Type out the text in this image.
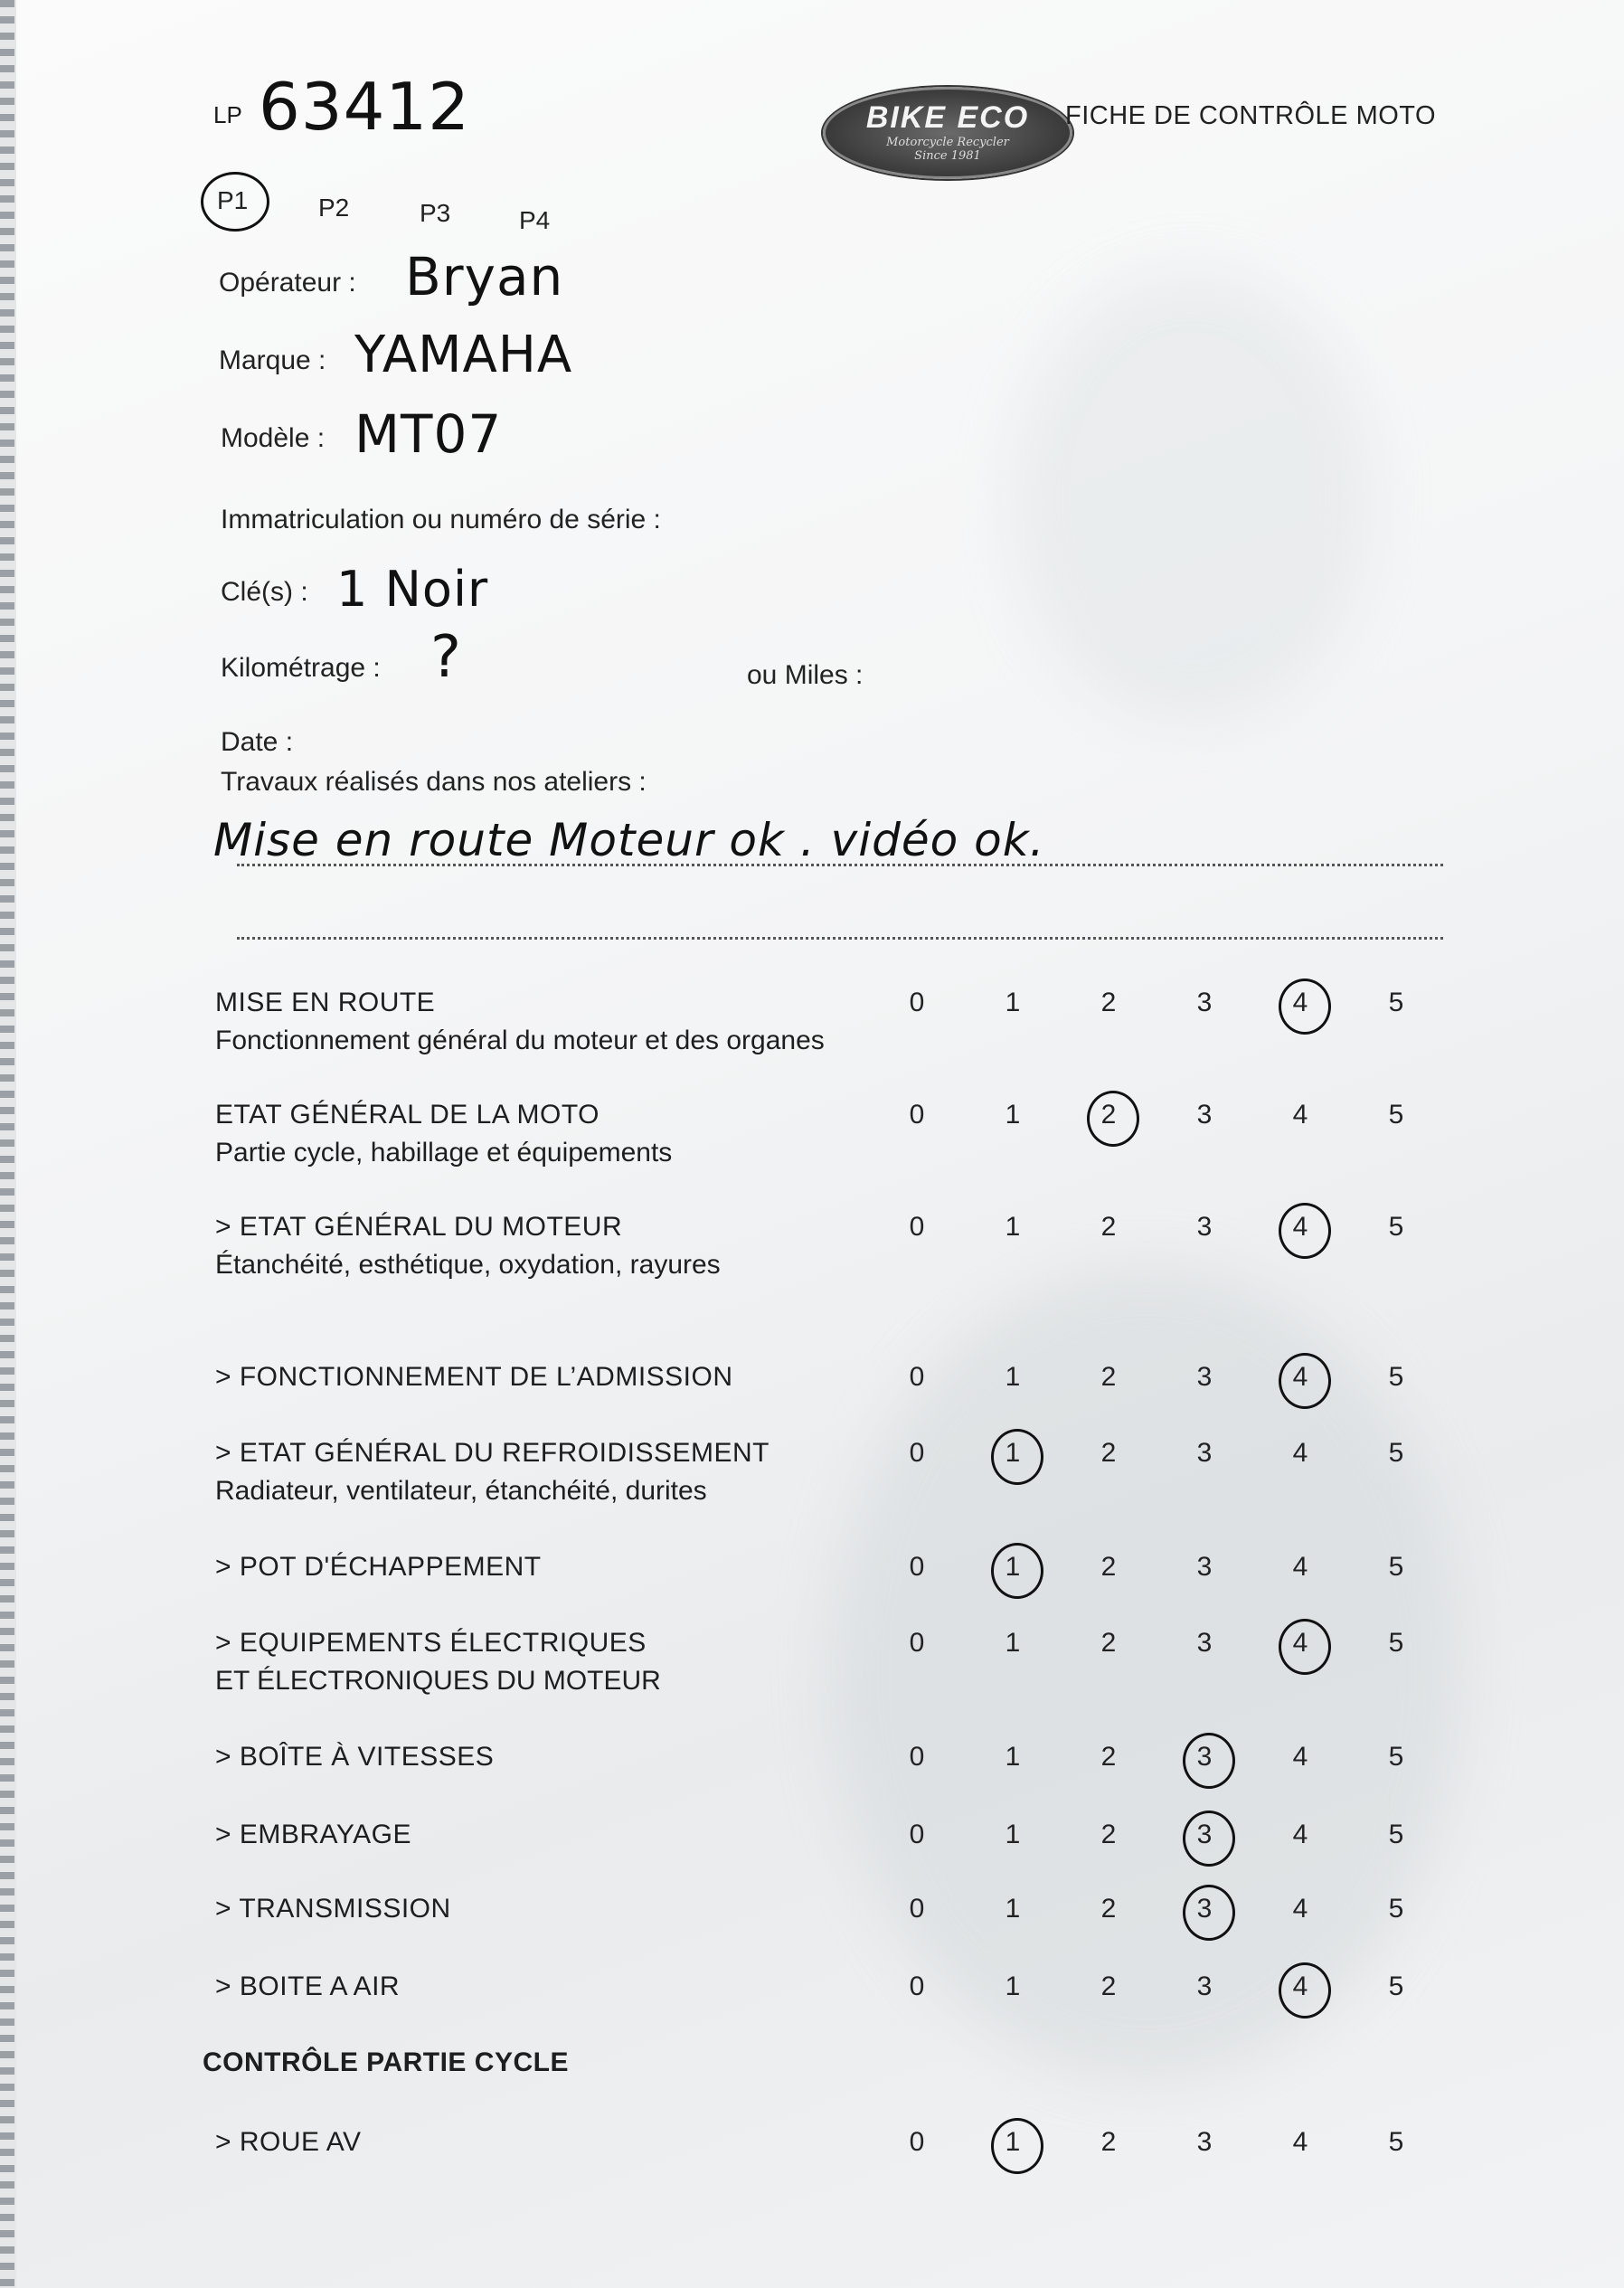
LP 63412
P1	P2	P3	P4
BIKE ECO
Motorcycle Recycler
Since 1981
FICHE DE CONTRÔLE MOTO
Opérateur : Bryan
Marque : YAMAHA
Modèle : MT07
Immatriculation ou numéro de série :
Clé(s) : 1 Noir
Kilométrage : ?	ou Miles :
Date :
Travaux réalisés dans nos ateliers :
Mise en route Moteur ok . vidéo ok.
MISE EN ROUTE
Fonctionnement général du moteur et des organes
0	1	2	3	4	5
ETAT GÉNÉRAL DE LA MOTO
Partie cycle, habillage et équipements
0	1	2	3	4	5
> ETAT GÉNÉRAL DU MOTEUR
Étanchéité, esthétique, oxydation, rayures
0	1	2	3	4	5
> FONCTIONNEMENT DE L’ADMISSION	0	1	2	3	4	5
> ETAT GÉNÉRAL DU REFROIDISSEMENT
Radiateur, ventilateur, étanchéité, durites
0	1	2	3	4	5
> POT D'ÉCHAPPEMENT	0	1	2	3	4	5
> EQUIPEMENTS ÉLECTRIQUES
ET ÉLECTRONIQUES DU MOTEUR
0	1	2	3	4	5
> BOÎTE À VITESSES	0	1	2	3	4	5
> EMBRAYAGE	0	1	2	3	4	5
> TRANSMISSION	0	1	2	3	4	5
> BOITE A AIR	0	1	2	3	4	5
CONTRÔLE PARTIE CYCLE
> ROUE AV	0	1	2	3	4	5
